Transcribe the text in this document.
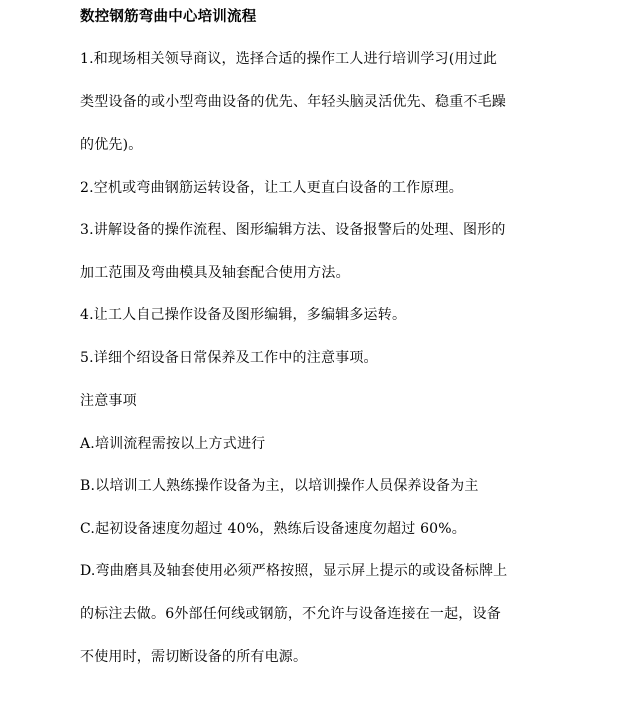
数控钢筋弯曲中心培训流程
1.和现场相关领导商议，选择合适的操作工人进行培训学习(用过此
类型设备的或小型弯曲设备的优先、年轻头脑灵活优先、稳重不毛躁
的优先)。
2.空机或弯曲钢筋运转设备，让工人更直白设备的工作原理。
3.讲解设备的操作流程、图形编辑方法、设备报警后的处理、图形的
加工范围及弯曲模具及轴套配合使用方法。
4.让工人自己操作设备及图形编辑，多编辑多运转。
5.详细个绍设备日常保养及工作中的注意事项。
注意事项
A.培训流程需按以上方式进行
B.以培训工人熟练操作设备为主，以培训操作人员保养设备为主
C.起初设备速度勿超过 40%，熟练后设备速度勿超过 60%。
D.弯曲磨具及轴套使用必须严格按照，显示屏上提示的或设备标牌上
的标注去做。6外部任何线或钢筋，不允许与设备连接在一起，设备
不使用时，需切断设备的所有电源。
